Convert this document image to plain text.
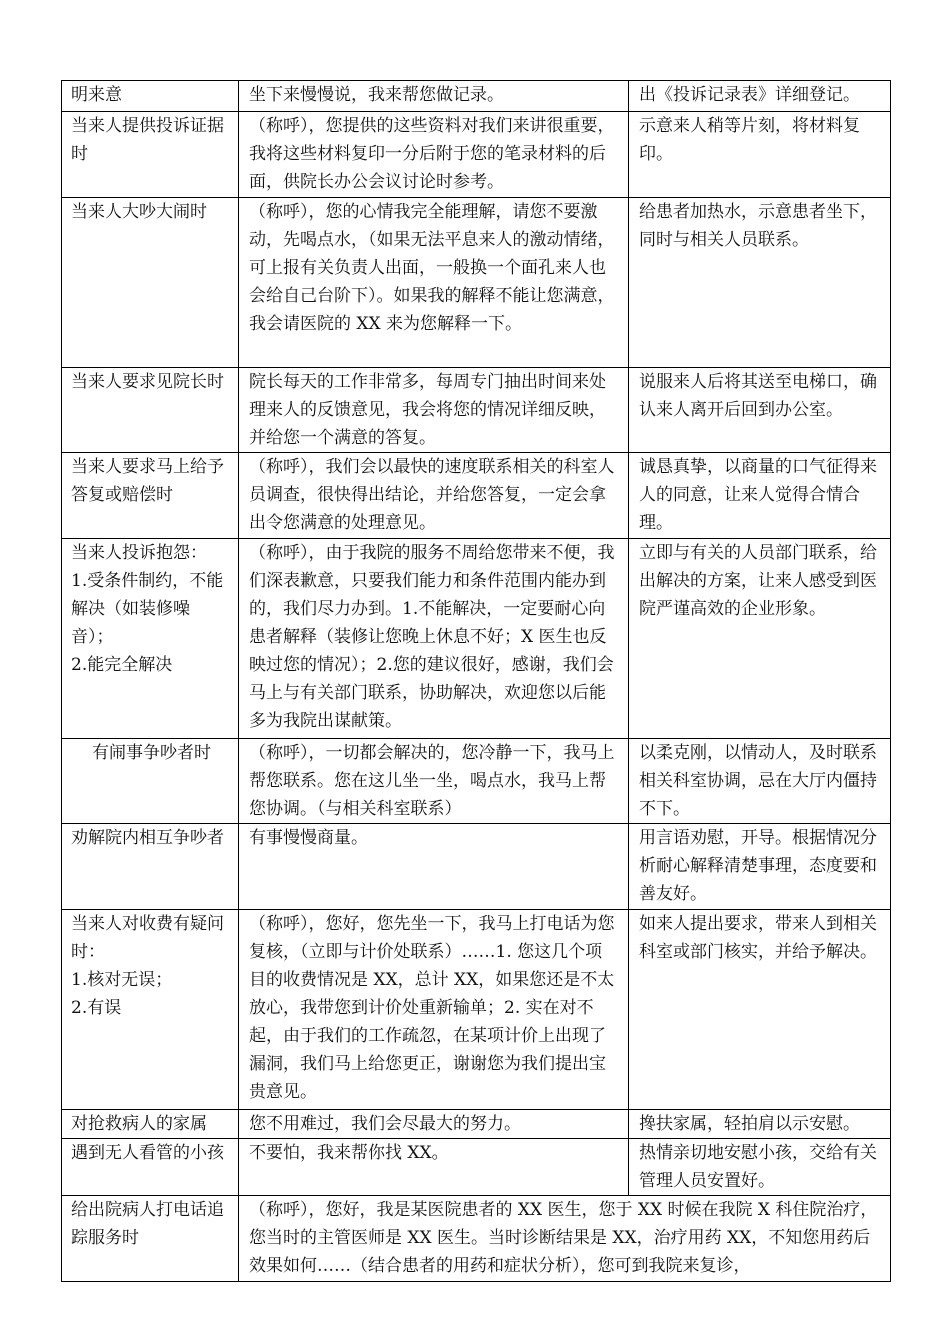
明来意	坐下来慢慢说，我来帮您做记录。	出《投诉记录表》详细登记。
当来人提供投诉证据时	（称呼），您提供的这些资料对我们来讲很重要，我将这些材料复印一分后附于您的笔录材料的后面，供院长办公会议讨论时参考。	示意来人稍等片刻，将材料复印。
当来人大吵大闹时	（称呼），您的心情我完全能理解，请您不要激动，先喝点水，（如果无法平息来人的激动情绪，可上报有关负责人出面，一般换一个面孔来人也会给自己台阶下）。如果我的解释不能让您满意，我会请医院的 XX 来为您解释一下。	给患者加热水，示意患者坐下，同时与相关人员联系。
当来人要求见院长时	院长每天的工作非常多，每周专门抽出时间来处理来人的反馈意见，我会将您的情况详细反映，并给您一个满意的答复。	说服来人后将其送至电梯口，确认来人离开后回到办公室。
当来人要求马上给予答复或赔偿时	（称呼），我们会以最快的速度联系相关的科室人员调查，很快得出结论，并给您答复，一定会拿出令您满意的处理意见。	诚恳真挚，以商量的口气征得来人的同意，让来人觉得合情合理。
当来人投诉抱怨：
1.受条件制约，不能解决（如装修噪音）；
2.能完全解决	（称呼），由于我院的服务不周给您带来不便，我们深表歉意，只要我们能力和条件范围内能办到的，我们尽力办到。1.不能解决，一定要耐心向患者解释（装修让您晚上休息不好；X 医生也反映过您的情况）；2.您的建议很好，感谢，我们会马上与有关部门联系，协助解决，欢迎您以后能多为我院出谋献策。	立即与有关的人员部门联系，给出解决的方案，让来人感受到医院严谨高效的企业形象。
有闹事争吵者时	（称呼），一切都会解决的，您冷静一下，我马上帮您联系。您在这儿坐一坐，喝点水，我马上帮您协调。（与相关科室联系）	以柔克刚，以情动人，及时联系相关科室协调，忌在大厅内僵持不下。
劝解院内相互争吵者	有事慢慢商量。	用言语劝慰，开导。根据情况分析耐心解释清楚事理，态度要和善友好。
当来人对收费有疑问时：
1.核对无误；
2.有误	（称呼），您好，您先坐一下，我马上打电话为您复核，（立即与计价处联系）……1. 您这几个项目的收费情况是 XX，总计 XX，如果您还是不太放心，我带您到计价处重新输单；2. 实在对不起，由于我们的工作疏忽，在某项计价上出现了漏洞，我们马上给您更正，谢谢您为我们提出宝贵意见。	如来人提出要求，带来人到相关科室或部门核实，并给予解决。
对抢救病人的家属	您不用难过，我们会尽最大的努力。	搀扶家属，轻拍肩以示安慰。
遇到无人看管的小孩	不要怕，我来帮你找 XX。	热情亲切地安慰小孩，交给有关管理人员安置好。
给出院病人打电话追踪服务时	（称呼），您好，我是某医院患者的 XX 医生，您于 XX 时候在我院 X 科住院治疗，您当时的主管医师是 XX 医生。当时诊断结果是 XX，治疗用药 XX，不知您用药后效果如何……（结合患者的用药和症状分析），您可到我院来复诊，	
